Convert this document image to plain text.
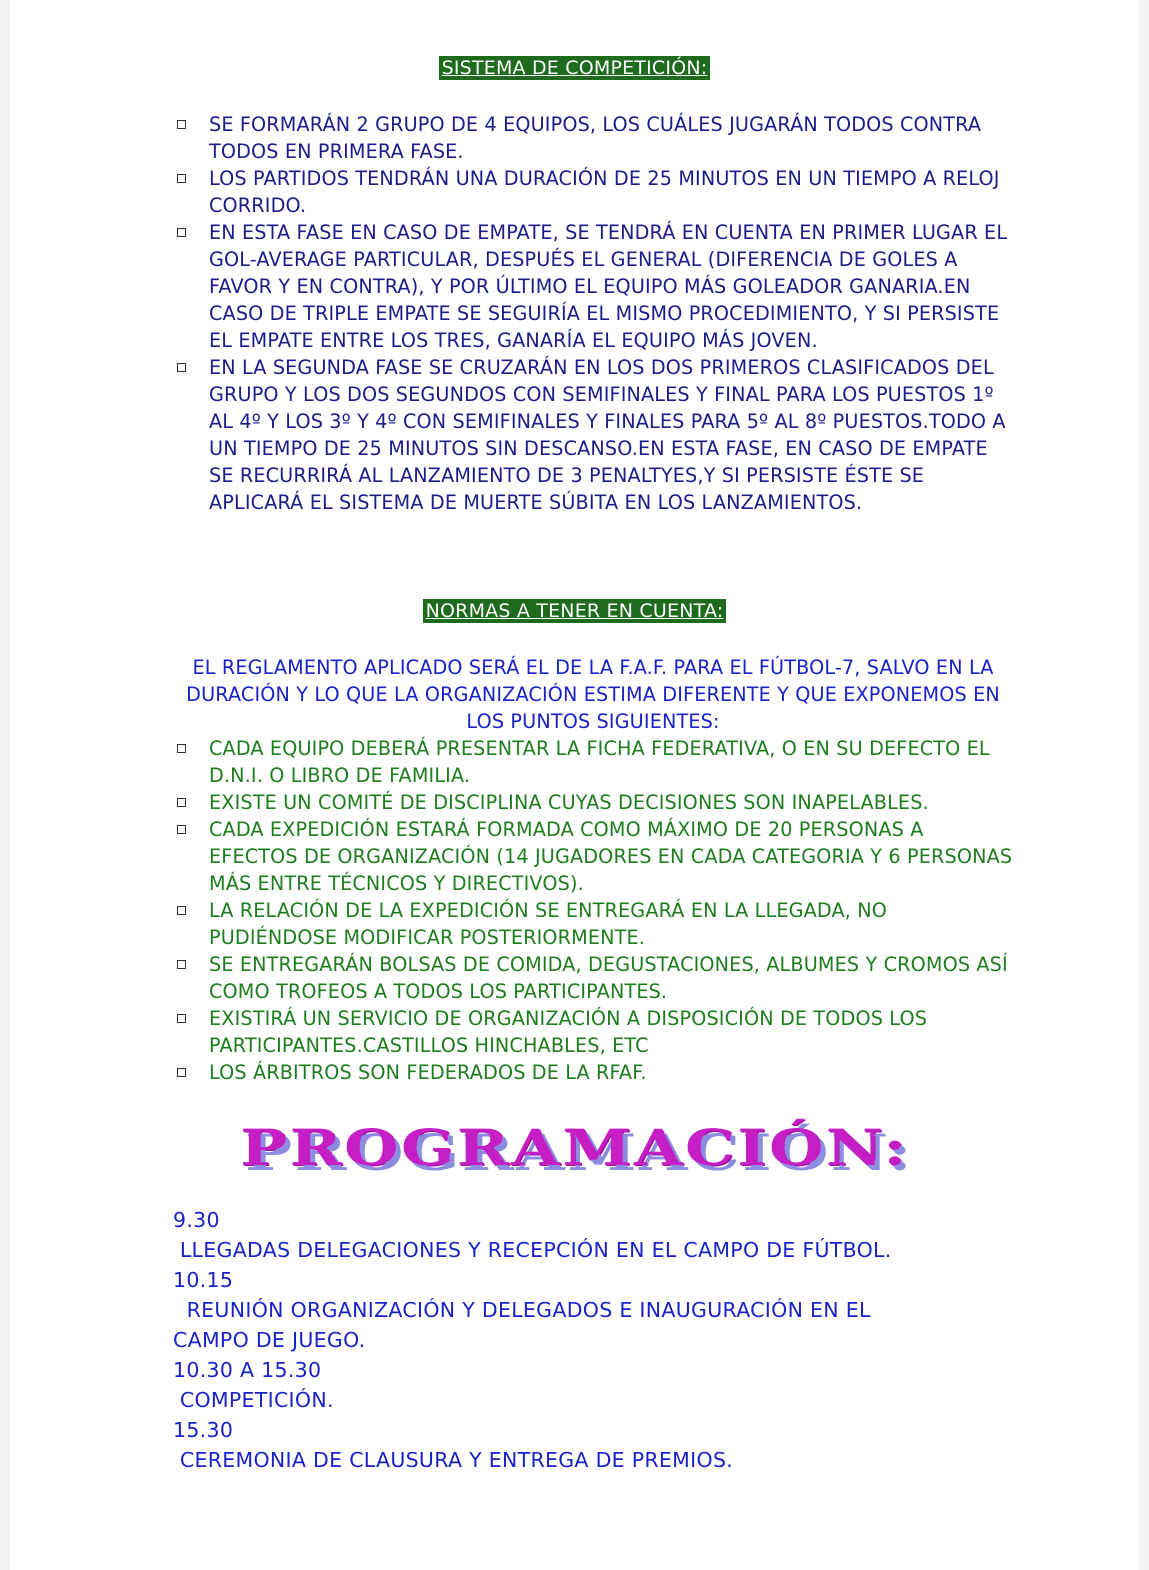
SISTEMA DE COMPETICIÓN:
SE FORMARÁN 2 GRUPO DE 4 EQUIPOS, LOS CUÁLES JUGARÁN TODOS CONTRA TODOS EN PRIMERA FASE.
LOS PARTIDOS TENDRÁN UNA DURACIÓN DE 25 MINUTOS EN UN TIEMPO A RELOJ CORRIDO.
EN ESTA FASE EN CASO DE EMPATE, SE TENDRÁ EN CUENTA EN PRIMER LUGAR EL GOL-AVERAGE PARTICULAR, DESPUÉS EL GENERAL (DIFERENCIA DE GOLES A FAVOR Y EN CONTRA), Y POR ÚLTIMO EL EQUIPO MÁS GOLEADOR GANARIA.EN CASO DE TRIPLE EMPATE SE SEGUIRÍA EL MISMO PROCEDIMIENTO, Y SI PERSISTE EL EMPATE ENTRE LOS TRES, GANARÍA EL EQUIPO MÁS JOVEN.
EN LA SEGUNDA FASE SE CRUZARÁN EN LOS DOS PRIMEROS CLASIFICADOS DEL GRUPO Y LOS DOS SEGUNDOS CON SEMIFINALES Y FINAL PARA LOS PUESTOS 1º AL 4º Y LOS 3º Y 4º CON SEMIFINALES Y FINALES PARA 5º AL 8º PUESTOS.TODO A UN TIEMPO DE 25 MINUTOS SIN DESCANSO.EN ESTA FASE, EN CASO DE EMPATE SE RECURRIRÁ AL LANZAMIENTO DE 3 PENALTYES,Y SI PERSISTE ÉSTE SE APLICARÁ EL SISTEMA DE MUERTE SÚBITA EN LOS LANZAMIENTOS.
NORMAS A TENER EN CUENTA:
EL REGLAMENTO APLICADO SERÁ EL DE LA F.A.F. PARA EL FÚTBOL-7, SALVO EN LA DURACIÓN Y LO QUE LA ORGANIZACIÓN ESTIMA DIFERENTE Y QUE EXPONEMOS EN LOS PUNTOS SIGUIENTES:
CADA EQUIPO DEBERÁ PRESENTAR LA FICHA FEDERATIVA, O EN SU DEFECTO EL D.N.I. O LIBRO DE FAMILIA.
EXISTE UN COMITÉ DE DISCIPLINA CUYAS DECISIONES SON INAPELABLES.
CADA EXPEDICIÓN ESTARÁ FORMADA COMO MÁXIMO DE 20 PERSONAS A EFECTOS DE ORGANIZACIÓN (14 JUGADORES EN CADA CATEGORIA Y 6 PERSONAS MÁS ENTRE TÉCNICOS Y DIRECTIVOS).
LA RELACIÓN DE LA EXPEDICIÓN SE ENTREGARÁ EN LA LLEGADA, NO PUDIÉNDOSE MODIFICAR POSTERIORMENTE.
SE ENTREGARÁN BOLSAS DE COMIDA, DEGUSTACIONES, ALBUMES Y CROMOS ASÍ COMO TROFEOS A TODOS LOS PARTICIPANTES.
EXISTIRÁ UN SERVICIO DE ORGANIZACIÓN A DISPOSICIÓN DE TODOS LOS PARTICIPANTES.CASTILLOS HINCHABLES, ETC
LOS ÁRBITROS SON FEDERADOS DE LA RFAF.
PROGRAMACIÓN:
9.30
LLEGADAS DELEGACIONES Y RECEPCIÓN EN EL CAMPO DE FÚTBOL.
10.15
REUNIÓN ORGANIZACIÓN Y DELEGADOS E INAUGURACIÓN EN EL
CAMPO DE JUEGO.
10.30 A 15.30
COMPETICIÓN.
15.30
CEREMONIA DE CLAUSURA Y ENTREGA DE PREMIOS.
